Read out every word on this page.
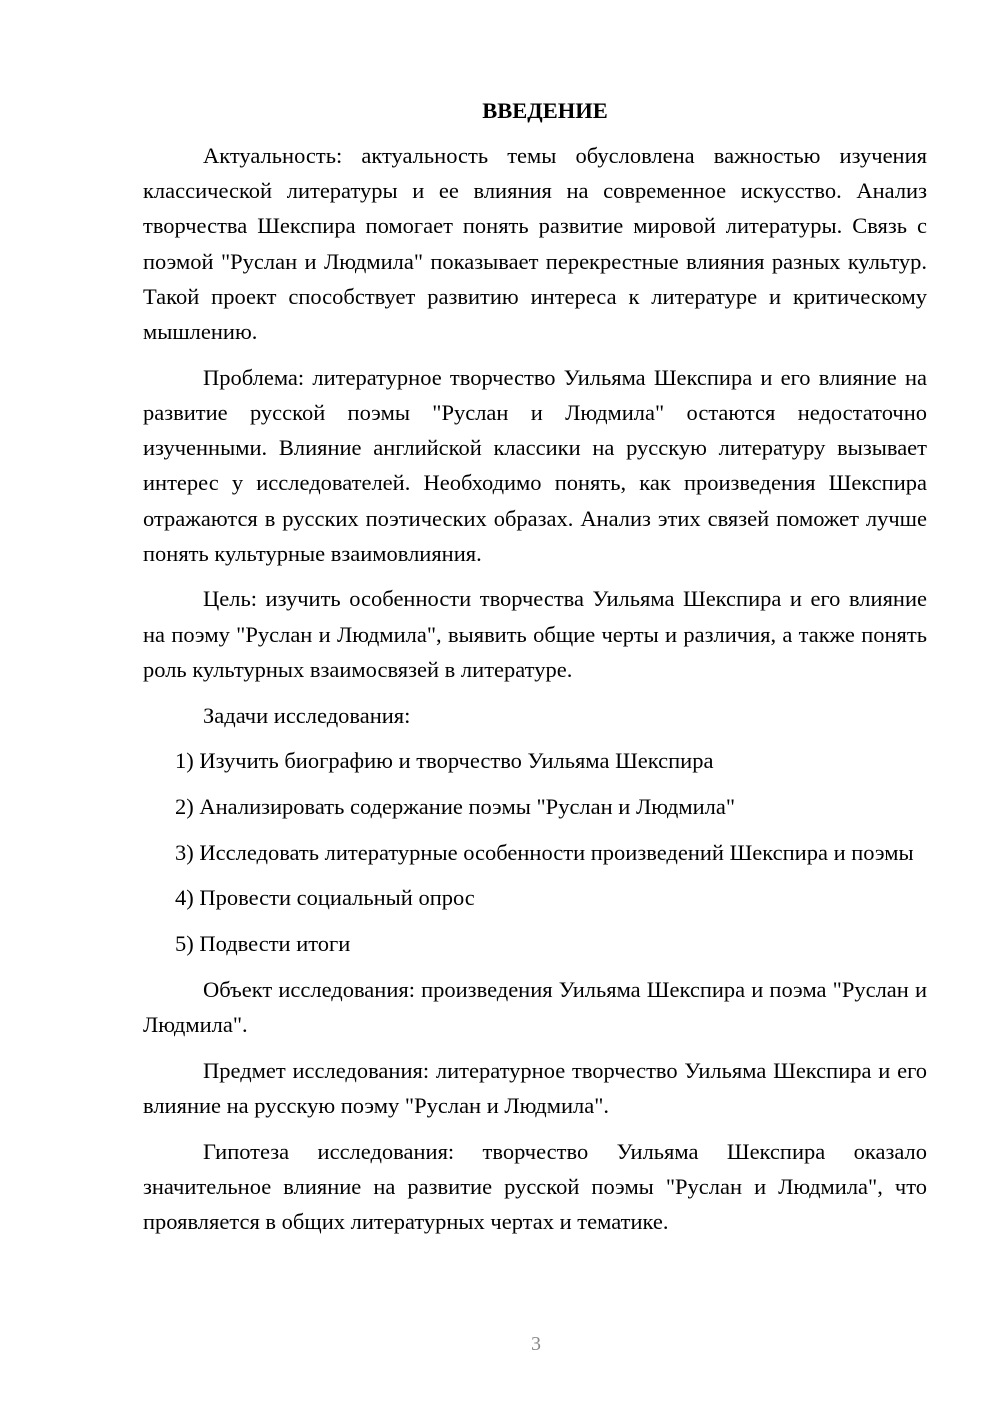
ВВЕДЕНИЕ

Актуальность: актуальность темы обусловлена важностью изучения классической литературы и ее влияния на современное искусство. Анализ творчества Шекспира помогает понять развитие мировой литературы. Связь с поэмой "Руслан и Людмила" показывает перекрестные влияния разных культур. Такой проект способствует развитию интереса к литературе и критическому мышлению.

Проблема: литературное творчество Уильяма Шекспира и его влияние на развитие русской поэмы "Руслан и Людмила" остаются недостаточно изученными. Влияние английской классики на русскую литературу вызывает интерес у исследователей. Необходимо понять, как произведения Шекспира отражаются в русских поэтических образах. Анализ этих связей поможет лучше понять культурные взаимовлияния.

Цель: изучить особенности творчества Уильяма Шекспира и его влияние на поэму "Руслан и Людмила", выявить общие черты и различия, а также понять роль культурных взаимосвязей в литературе.

Задачи исследования:

1) Изучить биографию и творчество Уильяма Шекспира

2) Анализировать содержание поэмы "Руслан и Людмила"

3) Исследовать литературные особенности произведений Шекспира и поэмы

4) Провести социальный опрос

5) Подвести итоги

Объект исследования: произведения Уильяма Шекспира и поэма "Руслан и Людмила".

Предмет исследования: литературное творчество Уильяма Шекспира и его влияние на русскую поэму "Руслан и Людмила".

Гипотеза исследования: творчество Уильяма Шекспира оказало значительное влияние на развитие русской поэмы "Руслан и Людмила", что проявляется в общих литературных чертах и тематике.

3
